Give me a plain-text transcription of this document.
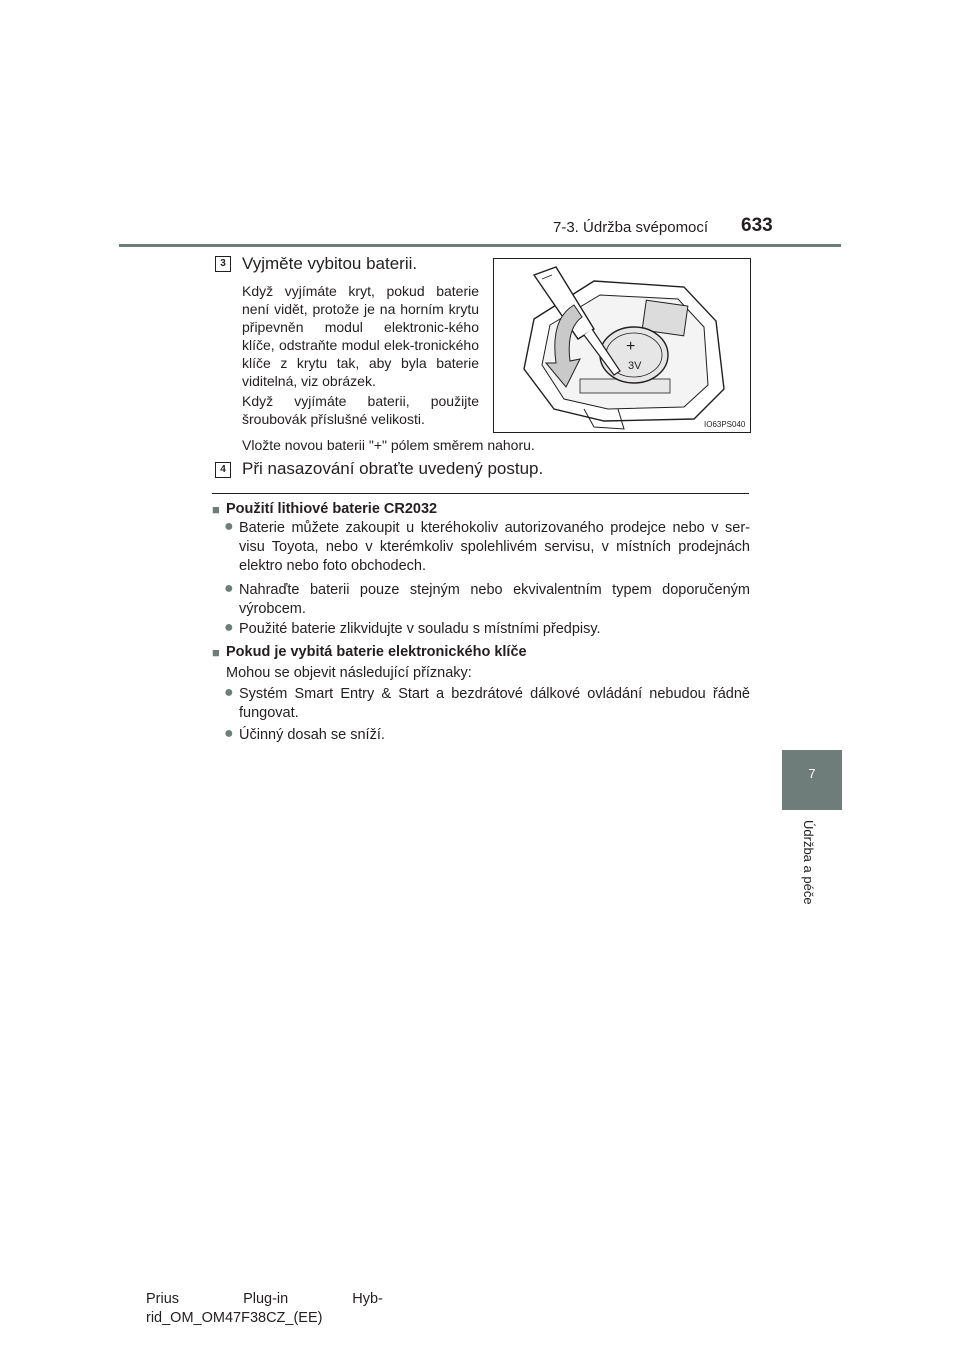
7-3. Údržba svépomocí 633
7
Údržba a péče
3 Vyjměte vybitou baterii.
Když vyjímáte kryt, pokud baterie není vidět, protože je na horním krytu připevněn modul elektronic-kého klíče, odstraňte modul elek-tronického klíče z krytu tak, aby byla baterie viditelná, viz obrázek.
Když vyjímáte baterii, použijte šroubovák příslušné velikosti.
Vložte novou baterii "+" pólem směrem nahoru.
+
3V
IO63PS040
4 Při nasazování obraťte uvedený postup.
■ Použití lithiové baterie CR2032
● Baterie můžete zakoupit u kteréhokoliv autorizovaného prodejce nebo v ser-visu Toyota, nebo v kterémkoliv spolehlivém servisu, v místních prodejnách elektro nebo foto obchodech.
● Nahraďte baterii pouze stejným nebo ekvivalentním typem doporučeným výrobcem.
● Použité baterie zlikvidujte v souladu s místními předpisy.
■ Pokud je vybitá baterie elektronického klíče
Mohou se objevit následující příznaky:
● Systém Smart Entry & Start a bezdrátové dálkové ovládání nebudou řádně fungovat.
● Účinný dosah se sníží.
Prius Plug-in Hyb-
rid_OM_OM47F38CZ_(EE)
